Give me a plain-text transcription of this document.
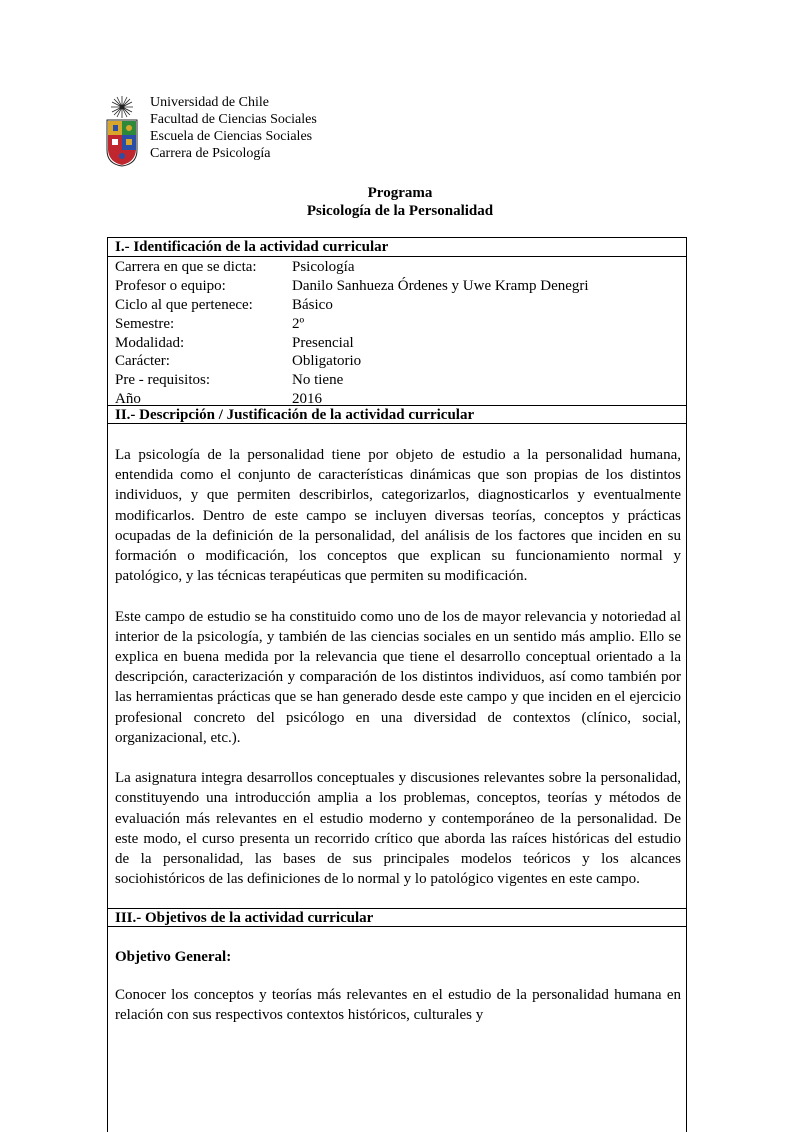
Universidad de Chile
Facultad de Ciencias Sociales
Escuela de Ciencias Sociales
Carrera de Psicología
Programa
Psicología de la Personalidad
I.- Identificación de la actividad curricular
Carrera en que se dicta:	Psicología
Profesor o equipo:	Danilo Sanhueza Órdenes y Uwe Kramp Denegri
Ciclo al que pertenece:	Básico
Semestre:	2º
Modalidad:	Presencial
Carácter:	Obligatorio
Pre - requisitos:	No tiene
Año	2016
II.- Descripción / Justificación de la actividad curricular

La psicología de la personalidad tiene por objeto de estudio a la personalidad humana, entendida como el conjunto de características dinámicas que son propias de los distintos individuos, y que permiten describirlos, categorizarlos, diagnosticarlos y eventualmente modificarlos. Dentro de este campo se incluyen diversas teorías, conceptos y prácticas ocupadas de la definición de la personalidad, del análisis de los factores que inciden en su formación o modificación, los conceptos que explican su funcionamiento normal y patológico, y las técnicas terapéuticas que permiten su modificación.

Este campo de estudio se ha constituido como uno de los de mayor relevancia y notoriedad al interior de la psicología, y también de las ciencias sociales en un sentido más amplio. Ello se explica en buena medida por la relevancia que tiene el desarrollo conceptual orientado a la descripción, caracterización y comparación de los distintos individuos, así como también por las herramientas prácticas que se han generado desde este campo y que inciden en el ejercicio profesional concreto del psicólogo en una diversidad de contextos (clínico, social, organizacional, etc.).

La asignatura integra desarrollos conceptuales y discusiones relevantes sobre la personalidad, constituyendo una introducción amplia a los problemas, conceptos, teorías y métodos de evaluación más relevantes en el estudio moderno y contemporáneo de la personalidad. De este modo, el curso presenta un recorrido crítico que aborda las raíces históricas del estudio de la personalidad, las bases de sus principales modelos teóricos y los alcances sociohistóricos de las definiciones de lo normal y lo patológico vigentes en este campo.

III.- Objetivos de la actividad curricular
Objetivo General:

Conocer los conceptos y teorías más relevantes en el estudio de la personalidad humana en relación con sus respectivos contextos históricos, culturales y
